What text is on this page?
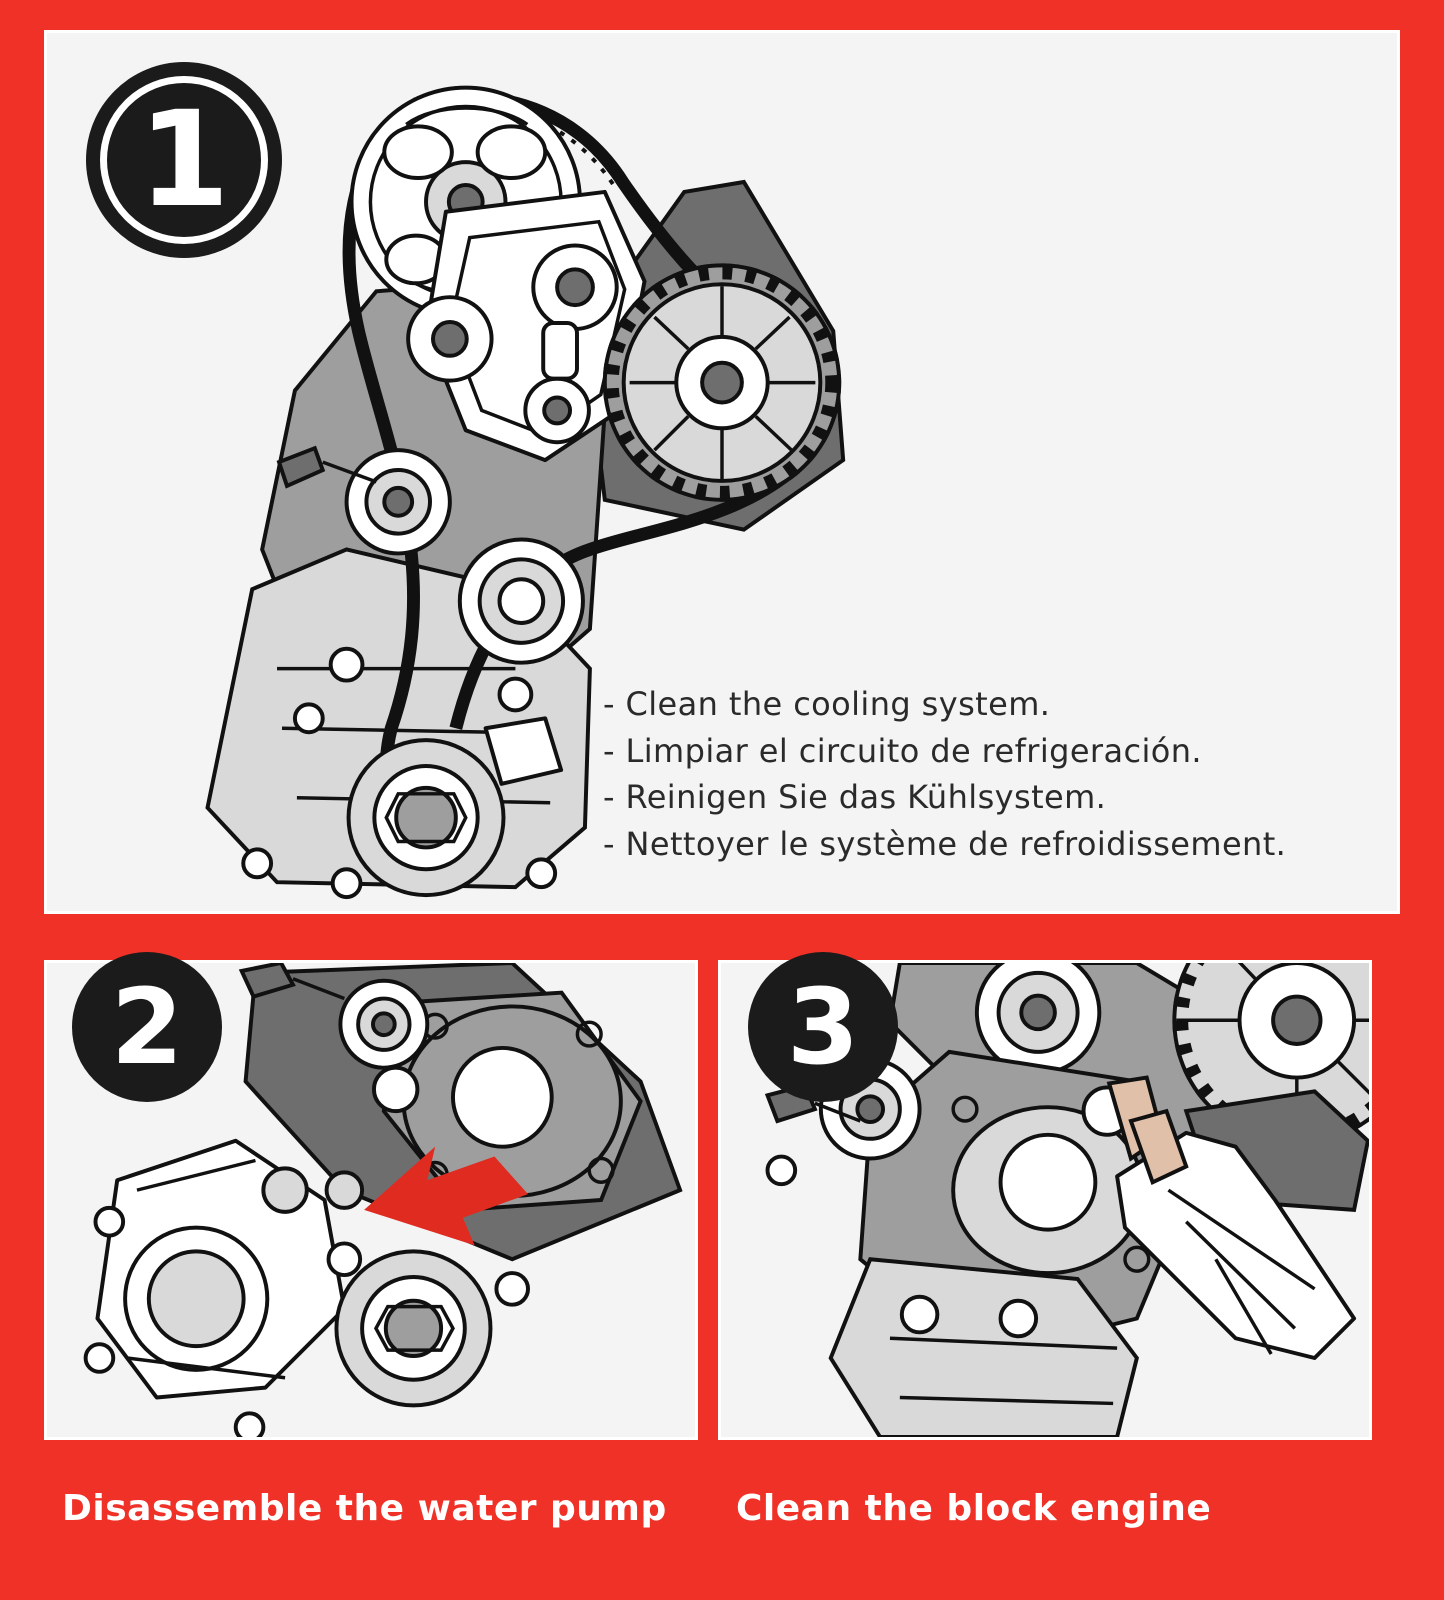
- Clean the cooling system.
- Limpiar el circuito de refrigeración.
- Reinigen Sie das Kühlsystem.
- Nettoyer le système de refroidissement.
1
2
Disassemble the water pump
3
Clean the block engine
